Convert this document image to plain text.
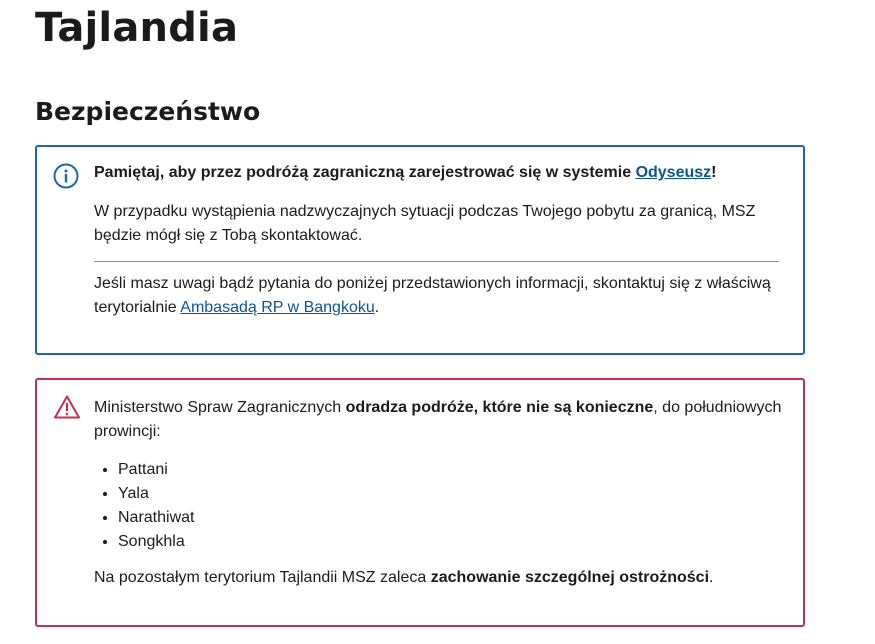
Tajlandia
Bezpieczeństwo

Pamiętaj, aby przez podróżą zagraniczną zarejestrować się w systemie Odyseusz!

W przypadku wystąpienia nadzwyczajnych sytuacji podczas Twojego pobytu za granicą, MSZ będzie mógł się z Tobą skontaktować.

Jeśli masz uwagi bądź pytania do poniżej przedstawionych informacji, skontaktuj się z właściwą terytorialnie Ambasadą RP w Bangkoku.

Ministerstwo Spraw Zagranicznych odradza podróże, które nie są konieczne, do południowych prowincji:

• Pattani
• Yala
• Narathiwat
• Songkhla

Na pozostałym terytorium Tajlandii MSZ zaleca zachowanie szczególnej ostrożności.
